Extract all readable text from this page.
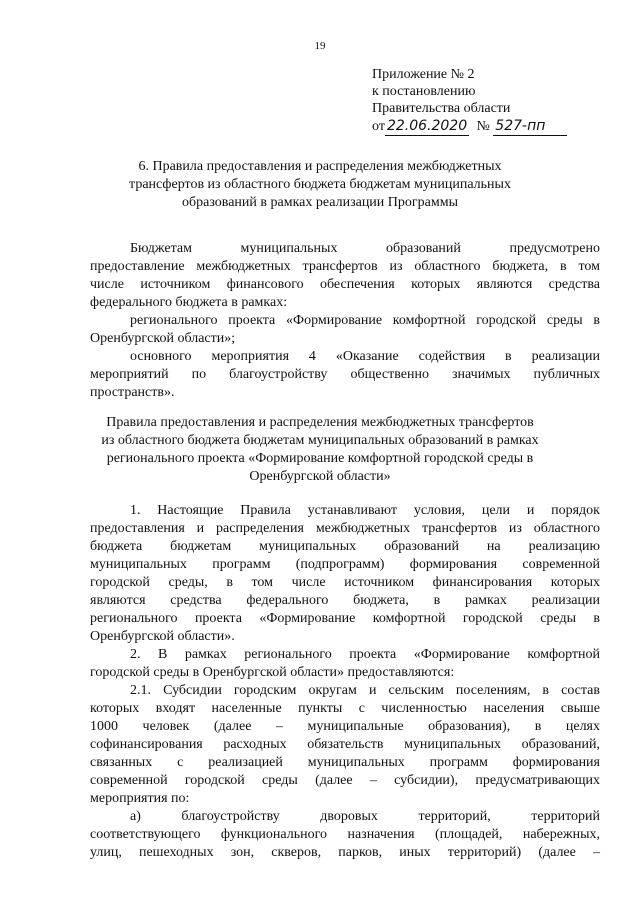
19
Приложение № 2
к постановлению
Правительства области
от 22.06.2020 № 527-пп
6. Правила предоставления и распределения межбюджетных
трансфертов из областного бюджета бюджетам муниципальных
образований в рамках реализации Программы
Бюджетам муниципальных образований предусмотрено
предоставление межбюджетных трансфертов из областного бюджета, в том
числе источником финансового обеспечения которых являются средства
федерального бюджета в рамках:
регионального проекта «Формирование комфортной городской среды в
Оренбургской области»;
основного мероприятия 4 «Оказание содействия в реализации
мероприятий по благоустройству общественно значимых публичных
пространств».
Правила предоставления и распределения межбюджетных трансфертов
из областного бюджета бюджетам муниципальных образований в рамках
регионального проекта «Формирование комфортной городской среды в
Оренбургской области»
1. Настоящие Правила устанавливают условия, цели и порядок
предоставления и распределения межбюджетных трансфертов из областного
бюджета бюджетам муниципальных образований на реализацию
муниципальных программ (подпрограмм) формирования современной
городской среды, в том числе источником финансирования которых
являются средства федерального бюджета, в рамках реализации
регионального проекта «Формирование комфортной городской среды в
Оренбургской области».
2. В рамках регионального проекта «Формирование комфортной
городской среды в Оренбургской области» предоставляются:
2.1. Субсидии городским округам и сельским поселениям, в состав
которых входят населенные пункты с численностью населения свыше
1000 человек (далее – муниципальные образования), в целях
софинансирования расходных обязательств муниципальных образований,
связанных с реализацией муниципальных программ формирования
современной городской среды (далее – субсидии), предусматривающих
мероприятия по:
а) благоустройству дворовых территорий, территорий
соответствующего функционального назначения (площадей, набережных,
улиц, пешеходных зон, скверов, парков, иных территорий) (далее –
